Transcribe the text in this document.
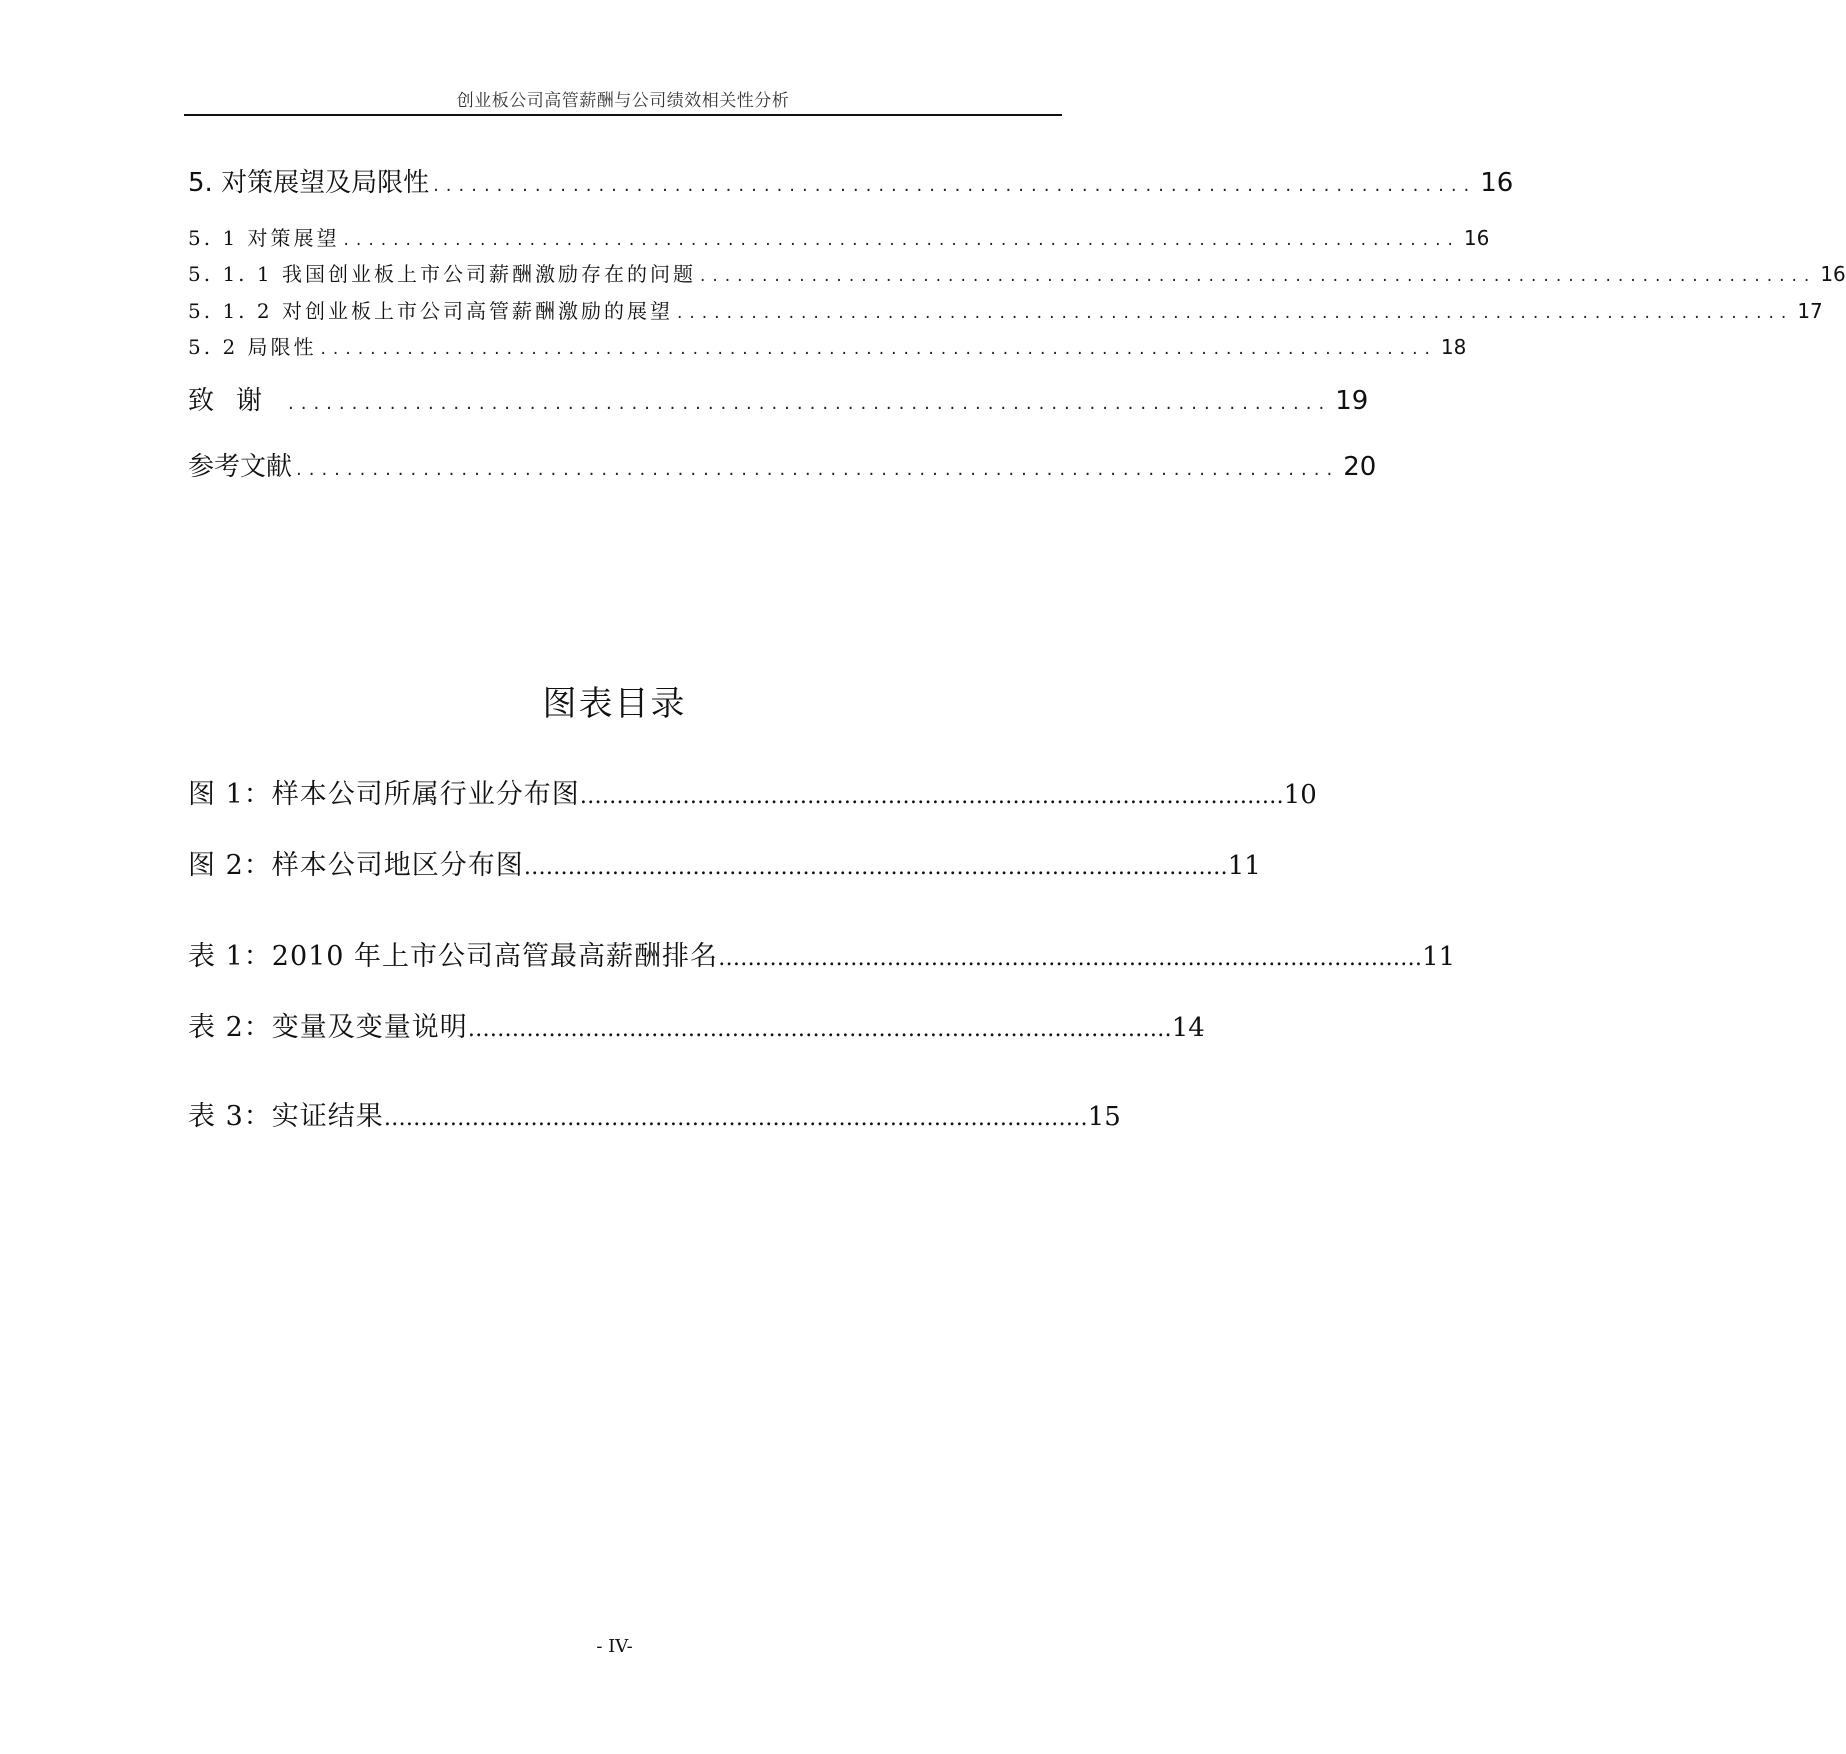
创业板公司高管薪酬与公司绩效相关性分析
5. 对策展望及局限性 .................................................................................. 16
5. 1 对策展望 .......................................................................................... 16
5. 1. 1 我国创业板上市公司薪酬激励存在的问题 .......................................................................................... 16
5. 1. 2 对创业板上市公司高管薪酬激励的展望 .......................................................................................... 17
5. 2 局限性 .......................................................................................... 18
致谢 .................................................................................. 19
参考文献 .................................................................................. 20
图表目录
图 1：样本公司所属行业分布图 …………………………………………………………………………………… 10
图 2：样本公司地区分布图 …………………………………………………………………………………… 11
表 1：2010 年上市公司高管最高薪酬排名 …………………………………………………………………………………… 11
表 2：变量及变量说明 …………………………………………………………………………………… 14
表 3：实证结果 …………………………………………………………………………………… 15
- IV-
